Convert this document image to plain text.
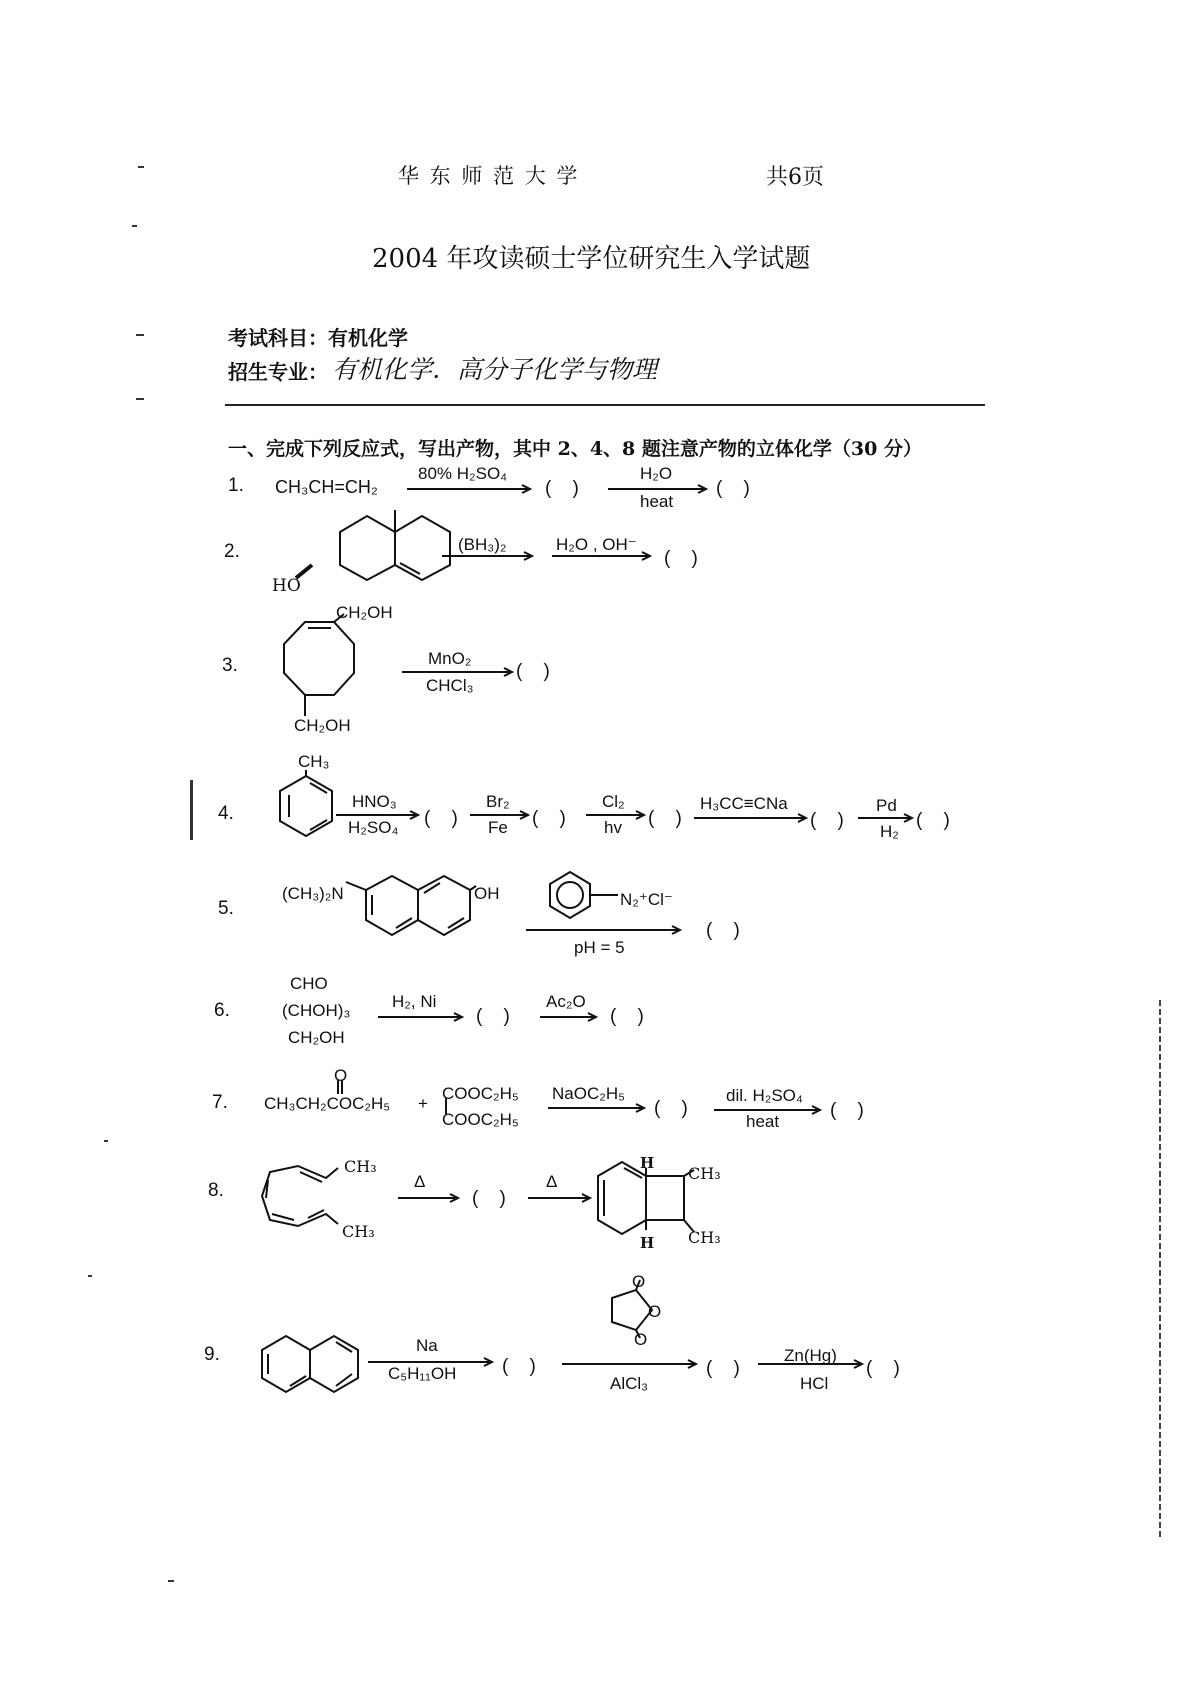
华 东 师 范 大 学	共6页
2004 年攻读硕士学位研究生入学试题
考试科目：有机化学
招生专业： 有机化学．高分子化学与物理
一、完成下列反应式，写出产物，其中 2、4、8 题注意产物的立体化学（30 分）
1. CH₃CH=CH₂
80% H₂SO₄	H₂O
heat
(    )	(    )
2.
HO
(BH₃)₂	H₂O , OH⁻
(    )
3.
CH₂OH
CH₂OH
MnO₂
CHCl₃
(    )
4.
CH₃
HNO₃
H₂SO₄
Br₂
Fe
Cl₂
hv
H₃CC≡CNa	Pd
H₂
(    )	(    )	(    )	(    )	(    )
5.
(CH₃)₂N	OH	N₂⁺Cl⁻
pH = 5
(    )
6.
CHO
(CHOH)₃
CH₂OH
H₂, Ni	Ac₂O
(    )	(    )
7.
O
CH₃CH₂COC₂H₅ +
COOC₂H₅
COOC₂H₅
NaOC₂H₅	dil. H₂SO₄
heat
(    )	(    )
8.
CH₃
CH₃
Δ	Δ
(    )
H
CH₃
H CH₃
9.	Na
C₅H₁₁OH
AlCl₃
Zn(Hg)
HCl
O
O
O
(    )	(    )	(    )
